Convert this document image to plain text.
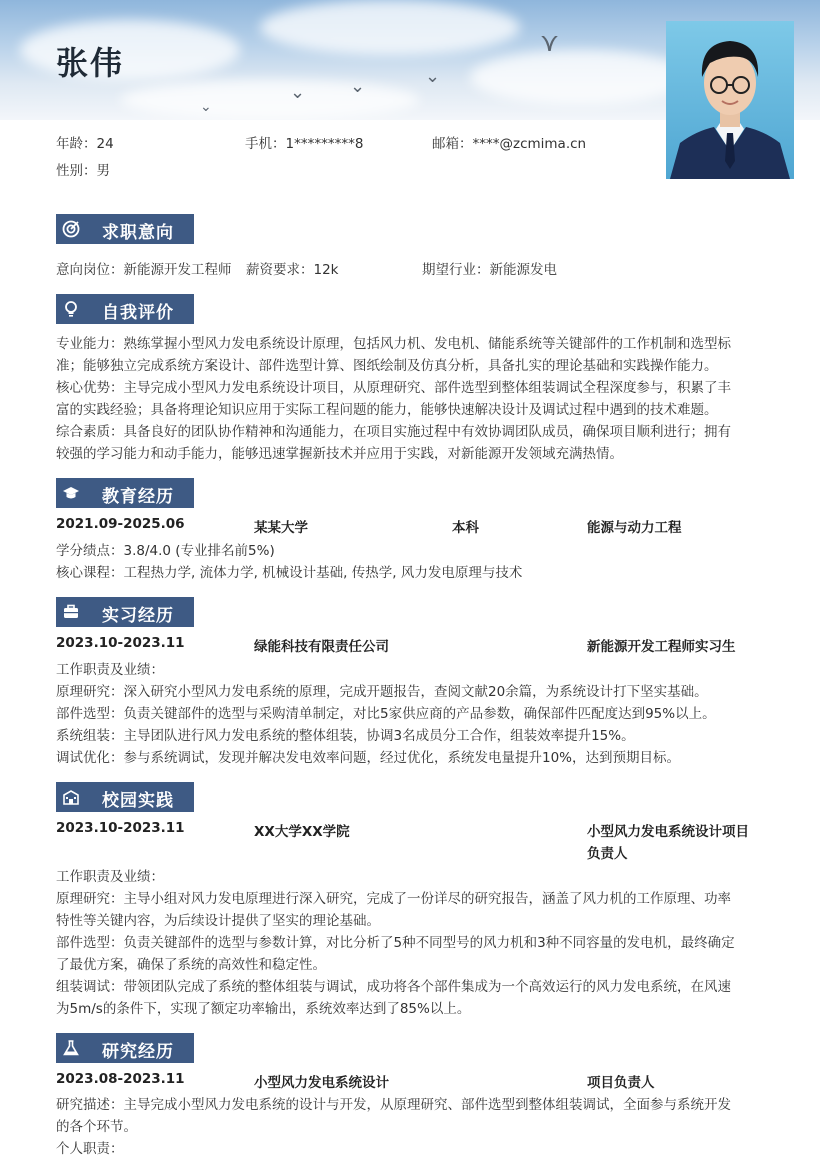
⋎
⌄ ⌄	⌄
⌄
张伟
年龄：24	手机：1*********8	邮箱：****@zcmima.cn
性别：男
求职意向
意向岗位：新能源开发工程师 薪资要求：12k	期望行业：新能源发电
自我评价
专业能力：熟练掌握小型风力发电系统设计原理，包括风力机、发电机、储能系统等关键部件的工作机制和选型标
准；能够独立完成系统方案设计、部件选型计算、图纸绘制及仿真分析，具备扎实的理论基础和实践操作能力。
核心优势：主导完成小型风力发电系统设计项目，从原理研究、部件选型到整体组装调试全程深度参与，积累了丰
富的实践经验；具备将理论知识应用于实际工程问题的能力，能够快速解决设计及调试过程中遇到的技术难题。
综合素质：具备良好的团队协作精神和沟通能力，在项目实施过程中有效协调团队成员，确保项目顺利进行；拥有
较强的学习能力和动手能力，能够迅速掌握新技术并应用于实践，对新能源开发领域充满热情。
教育经历
2021.09-2025.06	某某大学	本科	能源与动力工程
学分绩点：3.8/4.0 (专业排名前5%)
核心课程：工程热力学, 流体力学, 机械设计基础, 传热学, 风力发电原理与技术
实习经历
2023.10-2023.11	绿能科技有限责任公司	新能源开发工程师实习生
工作职责及业绩：
原理研究：深入研究小型风力发电系统的原理，完成开题报告，查阅文献20余篇，为系统设计打下坚实基础。
部件选型：负责关键部件的选型与采购清单制定，对比5家供应商的产品参数，确保部件匹配度达到95%以上。
系统组装：主导团队进行风力发电系统的整体组装，协调3名成员分工合作，组装效率提升15%。
调试优化：参与系统调试，发现并解决发电效率问题，经过优化，系统发电量提升10%，达到预期目标。
校园实践
2023.10-2023.11	XX大学XX学院	小型风力发电系统设计项目
负责人
工作职责及业绩：
原理研究：主导小组对风力发电原理进行深入研究，完成了一份详尽的研究报告，涵盖了风力机的工作原理、功率
特性等关键内容，为后续设计提供了坚实的理论基础。
部件选型：负责关键部件的选型与参数计算，对比分析了5种不同型号的风力机和3种不同容量的发电机，最终确定
了最优方案，确保了系统的高效性和稳定性。
组装调试：带领团队完成了系统的整体组装与调试，成功将各个部件集成为一个高效运行的风力发电系统，在风速
为5m/s的条件下，实现了额定功率输出，系统效率达到了85%以上。
研究经历
2023.08-2023.11	小型风力发电系统设计	项目负责人
研究描述：主导完成小型风力发电系统的设计与开发，从原理研究、部件选型到整体组装调试，全面参与系统开发
的各个环节。
个人职责：
